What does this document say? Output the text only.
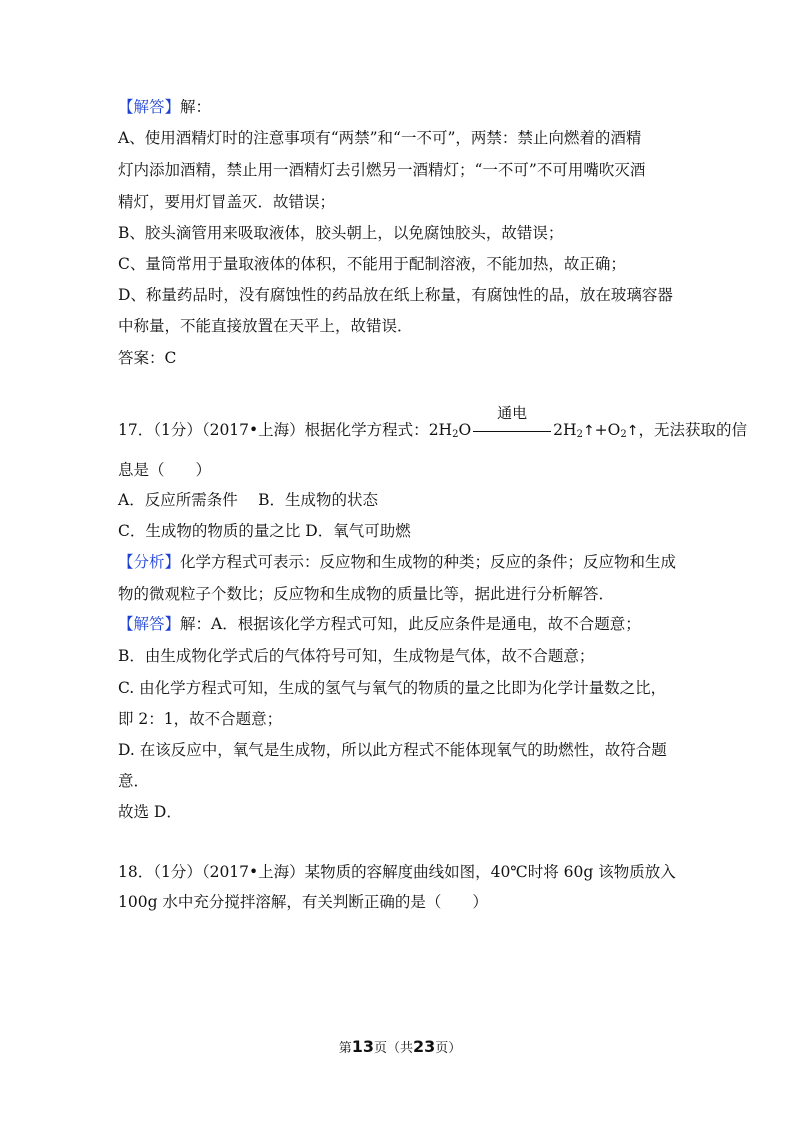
【解答】解：
A、使用酒精灯时的注意事项有“两禁”和“一不可”，两禁：禁止向燃着的酒精
灯内添加酒精，禁止用一酒精灯去引燃另一酒精灯；“一不可”不可用嘴吹灭酒
精灯，要用灯冒盖灭．故错误；
B、胶头滴管用来吸取液体，胶头朝上，以免腐蚀胶头，故错误；
C、量筒常用于量取液体的体积，不能用于配制溶液，不能加热，故正确；
D、称量药品时，没有腐蚀性的药品放在纸上称量，有腐蚀性的品，放在玻璃容器
中称量，不能直接放置在天平上，故错误．
答案：C
17．（1分）（2017•上海）根据化学方程式：$2H_2O$
通电
$2H_2↑+O_2↑$，无法获取的信
息是（　　）
A．反应所需条件　 B．生成物的状态
C．生成物的物质的量之比 D．氧气可助燃
【分析】化学方程式可表示：反应物和生成物的种类；反应的条件；反应物和生成
物的微观粒子个数比；反应物和生成物的质量比等，据此进行分析解答．
【解答】解：A．根据该化学方程式可知，此反应条件是通电，故不合题意；
B．由生成物化学式后的气体符号可知，生成物是气体，故不合题意；
C. 由化学方程式可知，生成的氢气与氧气的物质的量之比即为化学计量数之比，
即 2：1，故不合题意；
D. 在该反应中，氧气是生成物，所以此方程式不能体现氧气的助燃性，故符合题
意．
故选 D．
18．（1分）（2017•上海）某物质的容解度曲线如图，40℃时将 60g 该物质放入
100g 水中充分搅拌溶解，有关判断正确的是（　　）
第13页（共23页）
